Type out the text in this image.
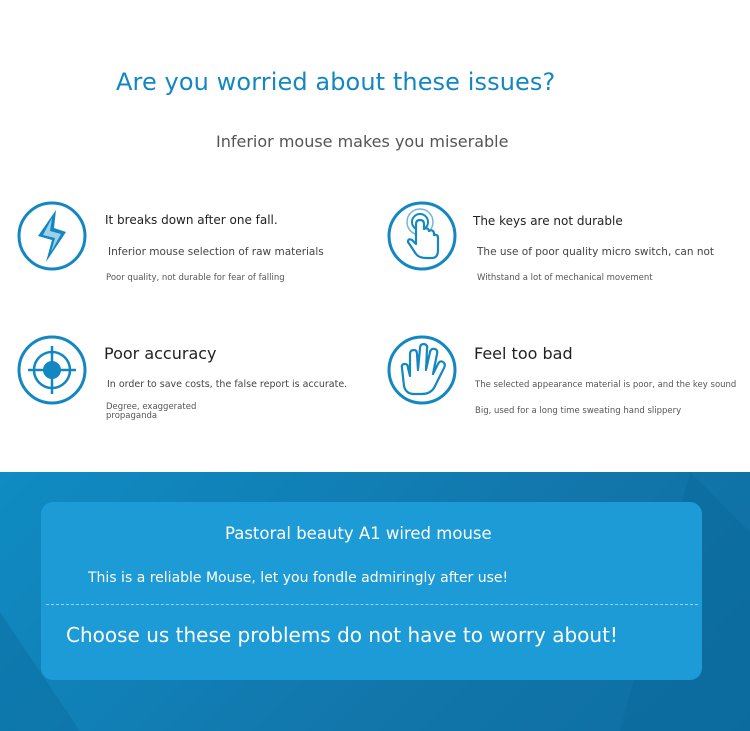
Are you worried about these issues?
Inferior mouse makes you miserable
It breaks down after one fall.
Inferior mouse selection of raw materials
Poor quality, not durable for fear of falling
The keys are not durable
The use of poor quality micro switch, can not
Withstand a lot of mechanical movement
Poor accuracy
In order to save costs, the false report is accurate.
Degree, exaggerated
propaganda
Feel too bad
The selected appearance material is poor, and the key sound
Big, used for a long time sweating hand slippery
Pastoral beauty A1 wired mouse
This is a reliable Mouse, let you fondle admiringly after use!
Choose us these problems do not have to worry about!
